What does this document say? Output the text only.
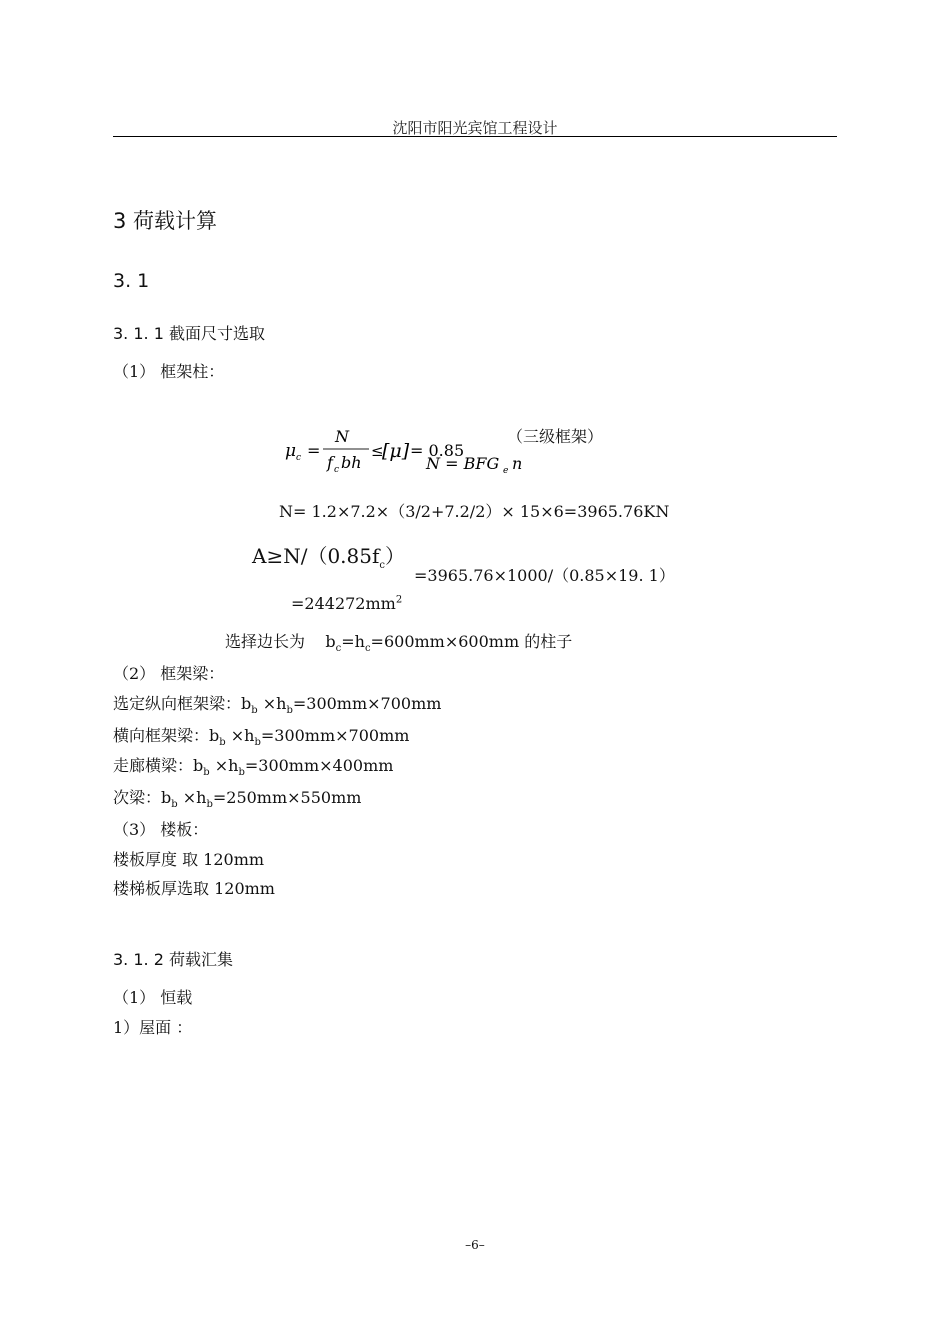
沈阳市阳光宾馆工程设计
3 荷载计算
3. 1
3. 1. 1 截面尺寸选取
（1） 框架柱：
μ c =
N
f c bh
≤
[μ] = 0.85
N = BFG e n
（三级框架）
N= 1.2×7.2×（3/2+7.2/2）× 15×6=3965.76KN
$A\ge N/(0.85f_c)$
=3965.76×1000/（0.85×19. 1）
$=244272mm^2$
选择边长为 $b_c=h_c=600mm\times 600mm$ 的柱子
（2） 框架梁：
选定纵向框架梁：$b_b \times h_b=300mm\times 700mm$
横向框架梁：$b_b \times h_b=300mm\times 700mm$
走廊横梁：$b_b \times h_b=300mm\times 400mm$
次梁：$b_b \times h_b=250mm\times 550mm$
（3） 楼板：
楼板厚度 取 120mm
楼梯板厚选取 120mm
3. 1. 2 荷载汇集
（1） 恒载
1）屋面 ：
–6–
